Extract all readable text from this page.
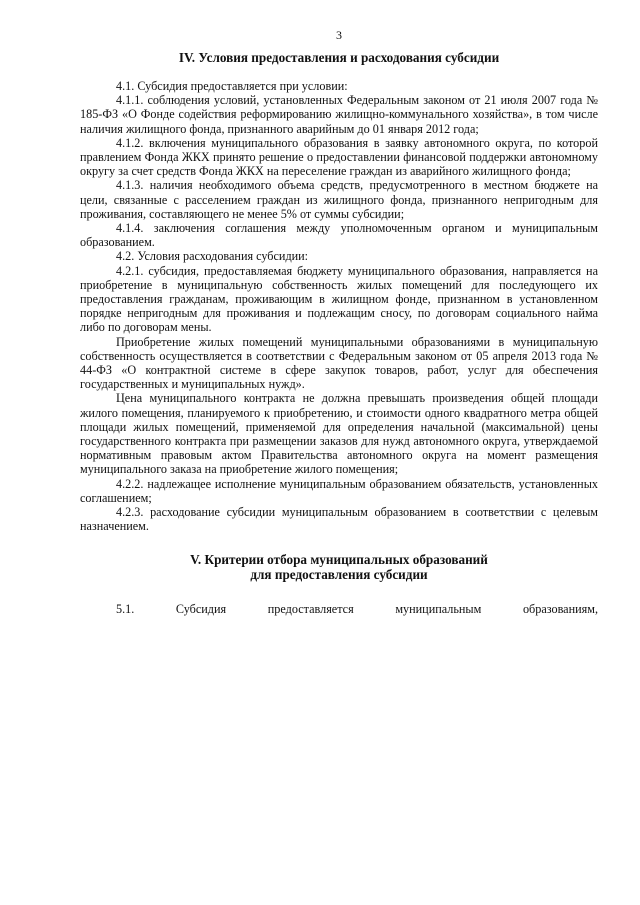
3
IV. Условия предоставления и расходования субсидии

4.1. Субсидия предоставляется при условии:

4.1.1. соблюдения условий, установленных Федеральным законом от 21 июля 2007 года № 185-ФЗ «О Фонде содействия реформированию жилищно-коммунального хозяйства», в том числе наличия жилищного фонда, признанного аварийным до 01 января 2012 года;

4.1.2. включения муниципального образования в заявку автономного округа, по которой правлением Фонда ЖКХ принято решение о предоставлении финансовой поддержки автономному округу за счет средств Фонда ЖКХ на переселение граждан из аварийного жилищного фонда;

4.1.3. наличия необходимого объема средств, предусмотренного в местном бюджете на цели, связанные с расселением граждан из жилищного фонда, признанного непригодным для проживания, составляющего не менее 5% от суммы субсидии;

4.1.4. заключения соглашения между уполномоченным органом и муниципальным образованием.

4.2. Условия расходования субсидии:

4.2.1. субсидия, предоставляемая бюджету муниципального образования, направляется на приобретение в муниципальную собственность жилых помещений для последующего их предоставления гражданам, проживающим в жилищном фонде, признанном в установленном порядке непригодным для проживания и подлежащим сносу, по договорам социального найма либо по договорам мены.

Приобретение жилых помещений муниципальными образованиями в муниципальную собственность осуществляется в соответствии с Федеральным законом от 05 апреля 2013 года № 44-ФЗ «О контрактной системе в сфере закупок товаров, работ, услуг для обеспечения государственных и муниципальных нужд».

Цена муниципального контракта не должна превышать произведения общей площади жилого помещения, планируемого к приобретению, и стоимости одного квадратного метра общей площади жилых помещений, применяемой для определения начальной (максимальной) цены государственного контракта при размещении заказов для нужд автономного округа, утверждаемой нормативным правовым актом Правительства автономного округа на момент размещения муниципального заказа на приобретение жилого помещения;

4.2.2. надлежащее исполнение муниципальным образованием обязательств, установленных соглашением;

4.2.3. расходование субсидии муниципальным образованием в соответствии с целевым назначением.

V. Критерии отбора муниципальных образований
для предоставления субсидии

5.1. Субсидия предоставляется муниципальным образованиям,
